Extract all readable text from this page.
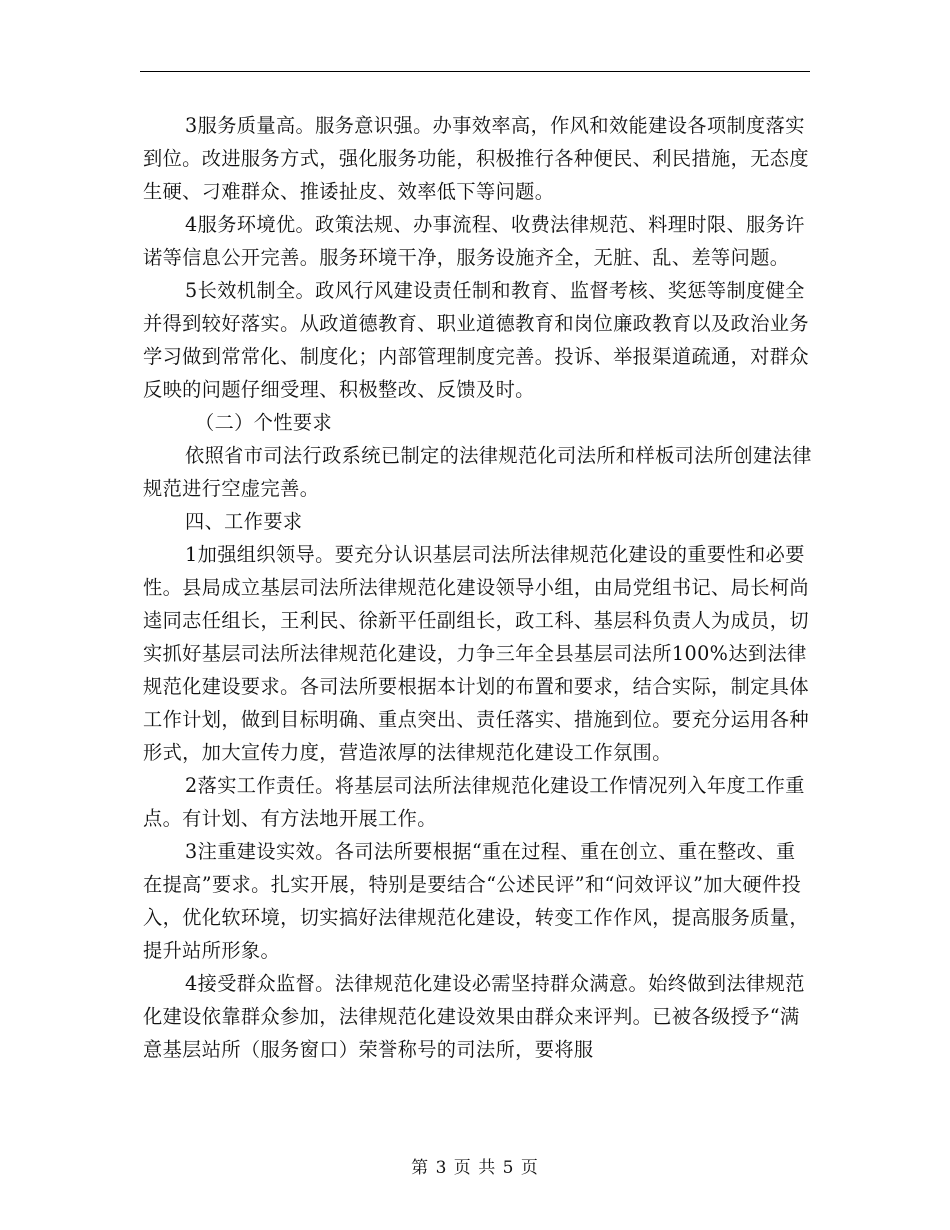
3服务质量高。服务意识强。办事效率高，作风和效能建设各项制度落实到位。改进服务方式，强化服务功能，积极推行各种便民、利民措施，无态度生硬、刁难群众、推诿扯皮、效率低下等问题。

4服务环境优。政策法规、办事流程、收费法律规范、料理时限、服务许诺等信息公开完善。服务环境干净，服务设施齐全，无脏、乱、差等问题。

5长效机制全。政风行风建设责任制和教育、监督考核、奖惩等制度健全并得到较好落实。从政道德教育、职业道德教育和岗位廉政教育以及政治业务学习做到常常化、制度化；内部管理制度完善。投诉、举报渠道疏通，对群众反映的问题仔细受理、积极整改、反馈及时。

（二）个性要求

依照省市司法行政系统已制定的法律规范化司法所和样板司法所创建法律规范进行空虚完善。

四、工作要求

1加强组织领导。要充分认识基层司法所法律规范化建设的重要性和必要性。县局成立基层司法所法律规范化建设领导小组，由局党组书记、局长柯尚逵同志任组长，王利民、徐新平任副组长，政工科、基层科负责人为成员，切实抓好基层司法所法律规范化建设，力争三年全县基层司法所100%达到法律规范化建设要求。各司法所要根据本计划的布置和要求，结合实际，制定具体工作计划，做到目标明确、重点突出、责任落实、措施到位。要充分运用各种形式，加大宣传力度，营造浓厚的法律规范化建设工作氛围。

2落实工作责任。将基层司法所法律规范化建设工作情况列入年度工作重点。有计划、有方法地开展工作。

3注重建设实效。各司法所要根据“重在过程、重在创立、重在整改、重在提高”要求。扎实开展，特别是要结合“公述民评”和“问效评议”加大硬件投入，优化软环境，切实搞好法律规范化建设，转变工作作风，提高服务质量，提升站所形象。

4接受群众监督。法律规范化建设必需坚持群众满意。始终做到法律规范化建设依靠群众参加，法律规范化建设效果由群众来评判。已被各级授予“满意基层站所（服务窗口）荣誉称号的司法所，要将服

第 3 页 共 5 页
